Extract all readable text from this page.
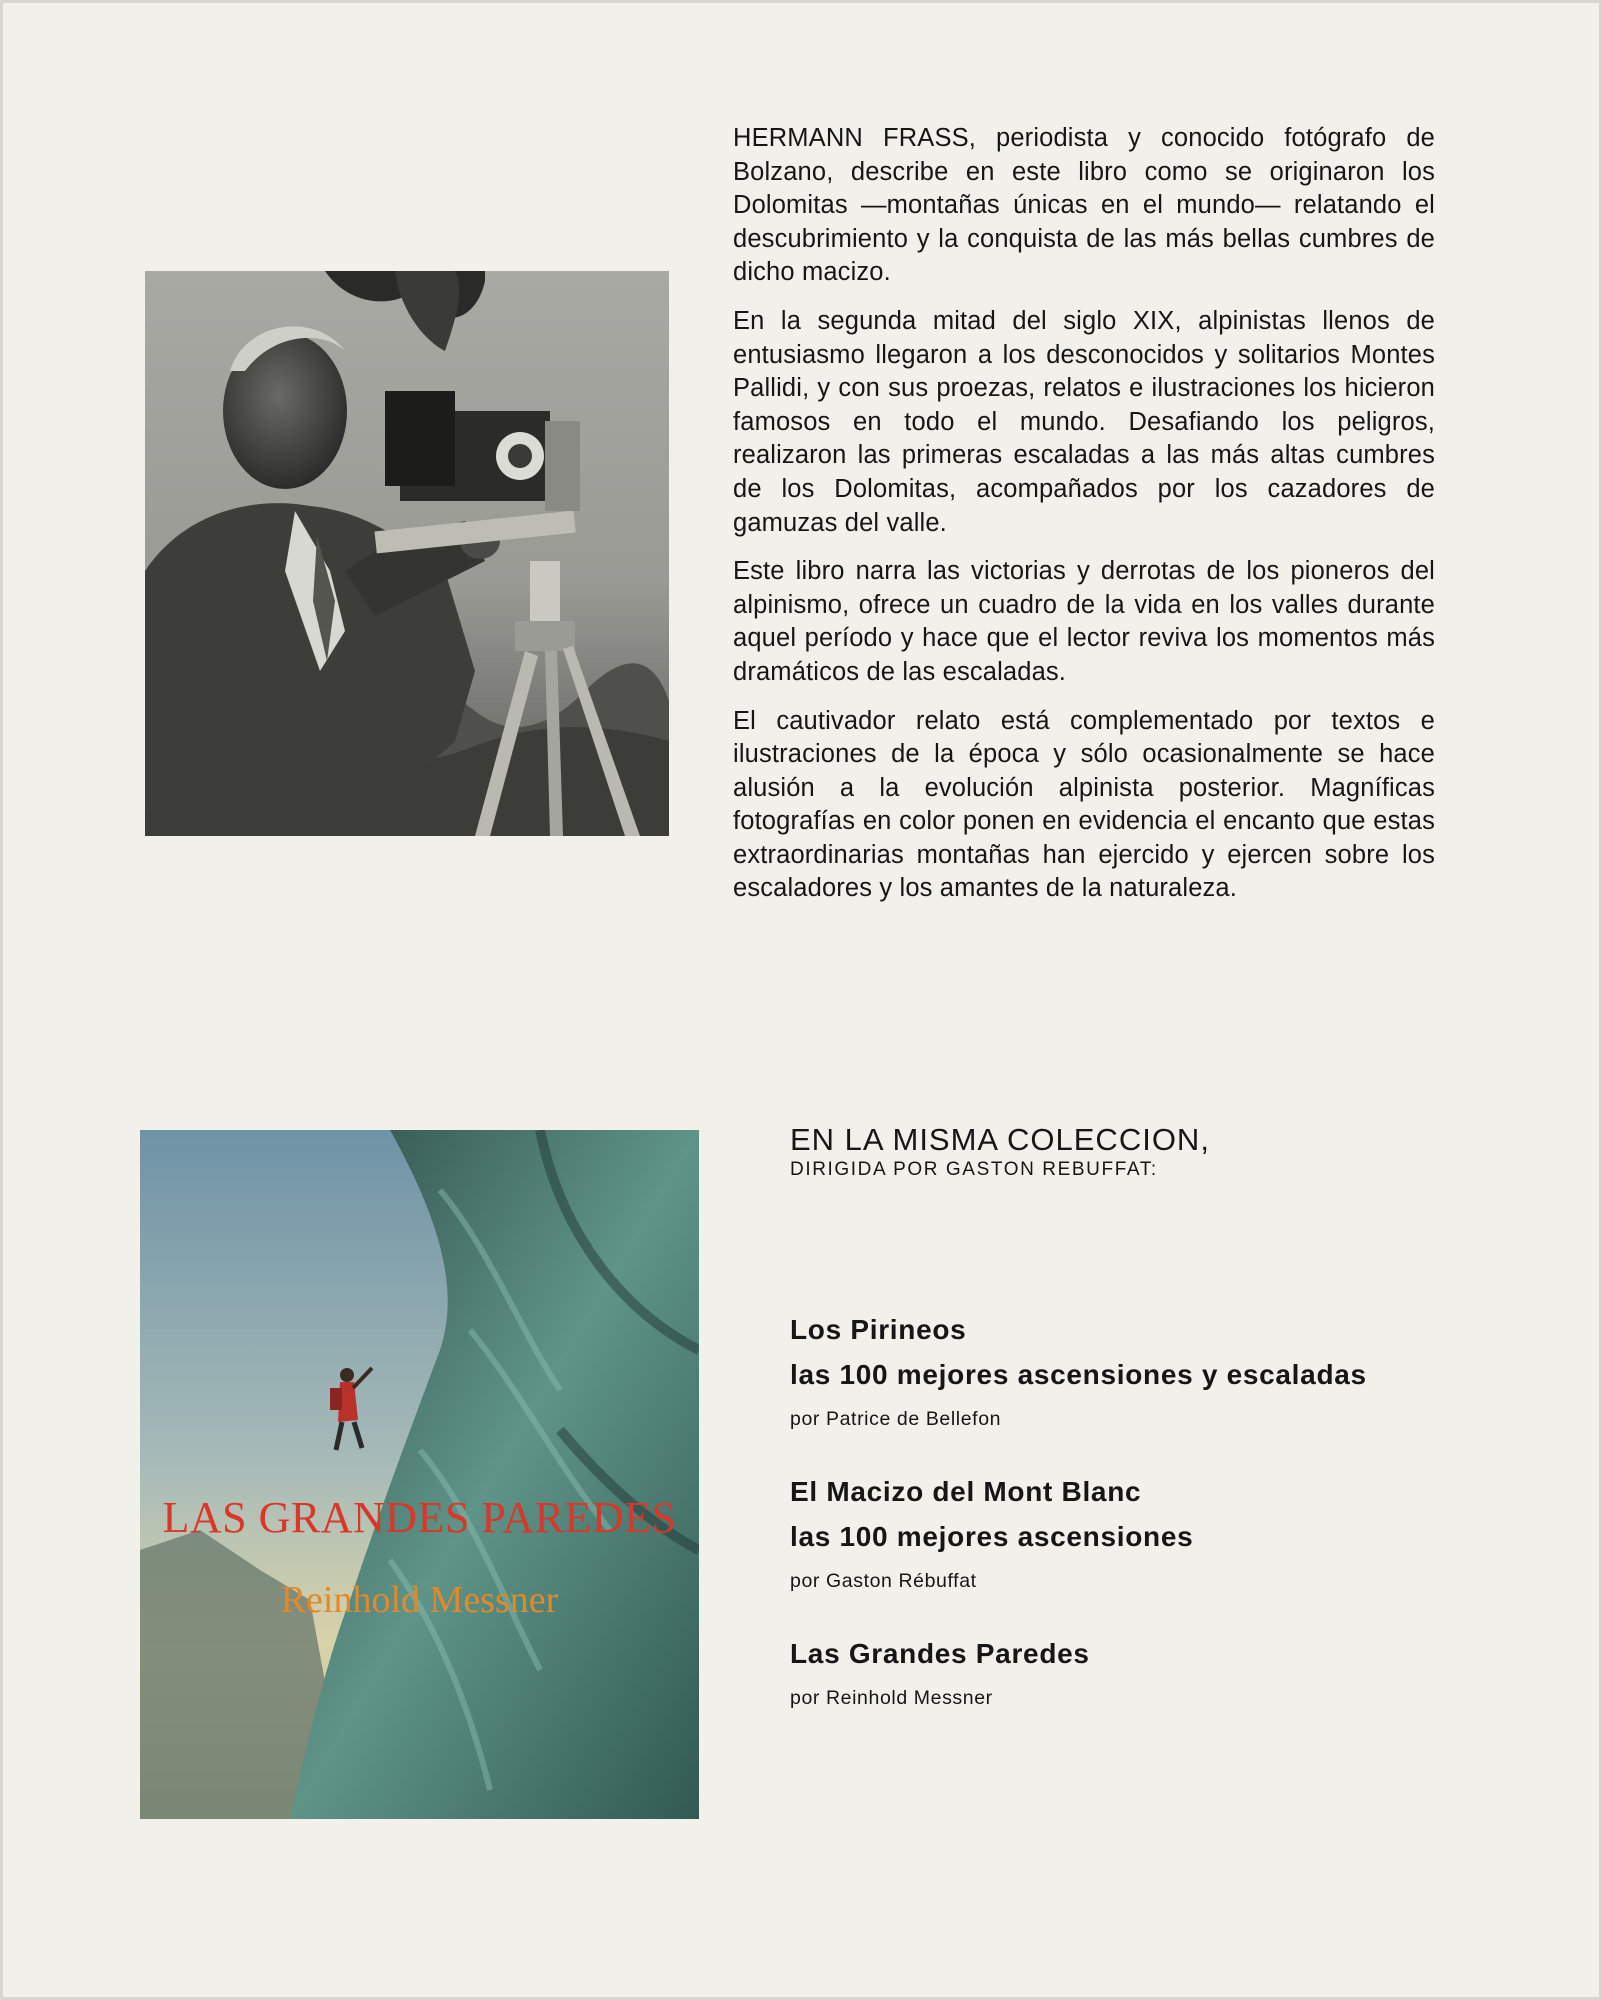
HERMANN FRASS, periodista y conocido fotógrafo de Bolzano, describe en este libro como se originaron los Dolomitas —montañas únicas en el mundo— relatando el descubrimiento y la conquista de las más bellas cumbres de dicho macizo.

En la segunda mitad del siglo XIX, alpinistas llenos de entusiasmo llegaron a los desconocidos y solitarios Montes Pallidi, y con sus proezas, relatos e ilustraciones los hicieron famosos en todo el mundo. Desafiando los peligros, realizaron las primeras escaladas a las más altas cumbres de los Dolomitas, acompañados por los cazadores de gamuzas del valle.

Este libro narra las victorias y derrotas de los pioneros del alpinismo, ofrece un cuadro de la vida en los valles durante aquel período y hace que el lector reviva los momentos más dramáticos de las escaladas.

El cautivador relato está complementado por textos e ilustraciones de la época y sólo ocasionalmente se hace alusión a la evolución alpinista posterior. Magníficas fotografías en color ponen en evidencia el encanto que estas extraordinarias montañas han ejercido y ejercen sobre los escaladores y los amantes de la naturaleza.

LAS GRANDES PAREDES
Reinhold Messner
EN LA MISMA COLECCION,
DIRIGIDA POR GASTON REBUFFAT:
Los Pirineos
las 100 mejores ascensiones y escaladas
por Patrice de Bellefon
El Macizo del Mont Blanc
las 100 mejores ascensiones
por Gaston Rébuffat
Las Grandes Paredes
por Reinhold Messner
